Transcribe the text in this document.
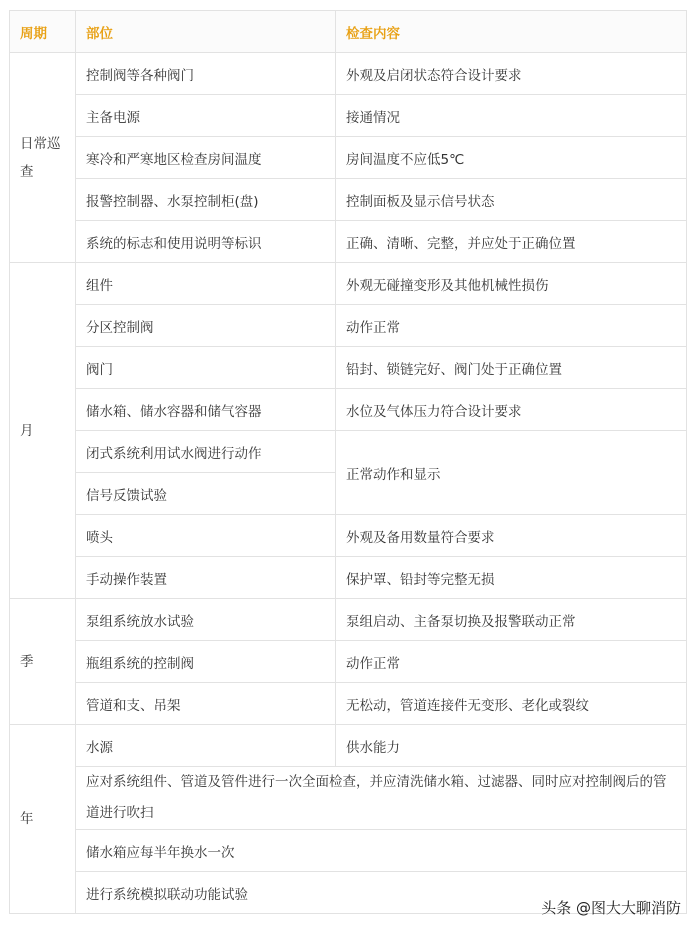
周期	部位	检查内容
日常巡查	控制阀等各种阀门	外观及启闭状态符合设计要求
	主备电源	接通情况
	寒冷和严寒地区检查房间温度	房间温度不应低5℃
	报警控制器、水泵控制柜(盘)	控制面板及显示信号状态
	系统的标志和使用说明等标识	正确、清晰、完整，并应处于正确位置
月	组件	外观无碰撞变形及其他机械性损伤
	分区控制阀	动作正常
	阀门	铅封、锁链完好、阀门处于正确位置
	储水箱、储水容器和储气容器	水位及气体压力符合设计要求
	闭式系统利用试水阀进行动作	正常动作和显示
	信号反馈试验	
	喷头	外观及备用数量符合要求
	手动操作装置	保护罩、铅封等完整无损
季	泵组系统放水试验	泵组启动、主备泵切换及报警联动正常
	瓶组系统的控制阀	动作正常
	管道和支、吊架	无松动，管道连接件无变形、老化或裂纹
年	水源	供水能力
	应对系统组件、管道及管件进行一次全面检查，并应清洗储水箱、过滤器、同时应对控制阀后的管道进行吹扫	
	储水箱应每半年换水一次	
	进行系统模拟联动功能试验	
头条 @图大大聊消防
